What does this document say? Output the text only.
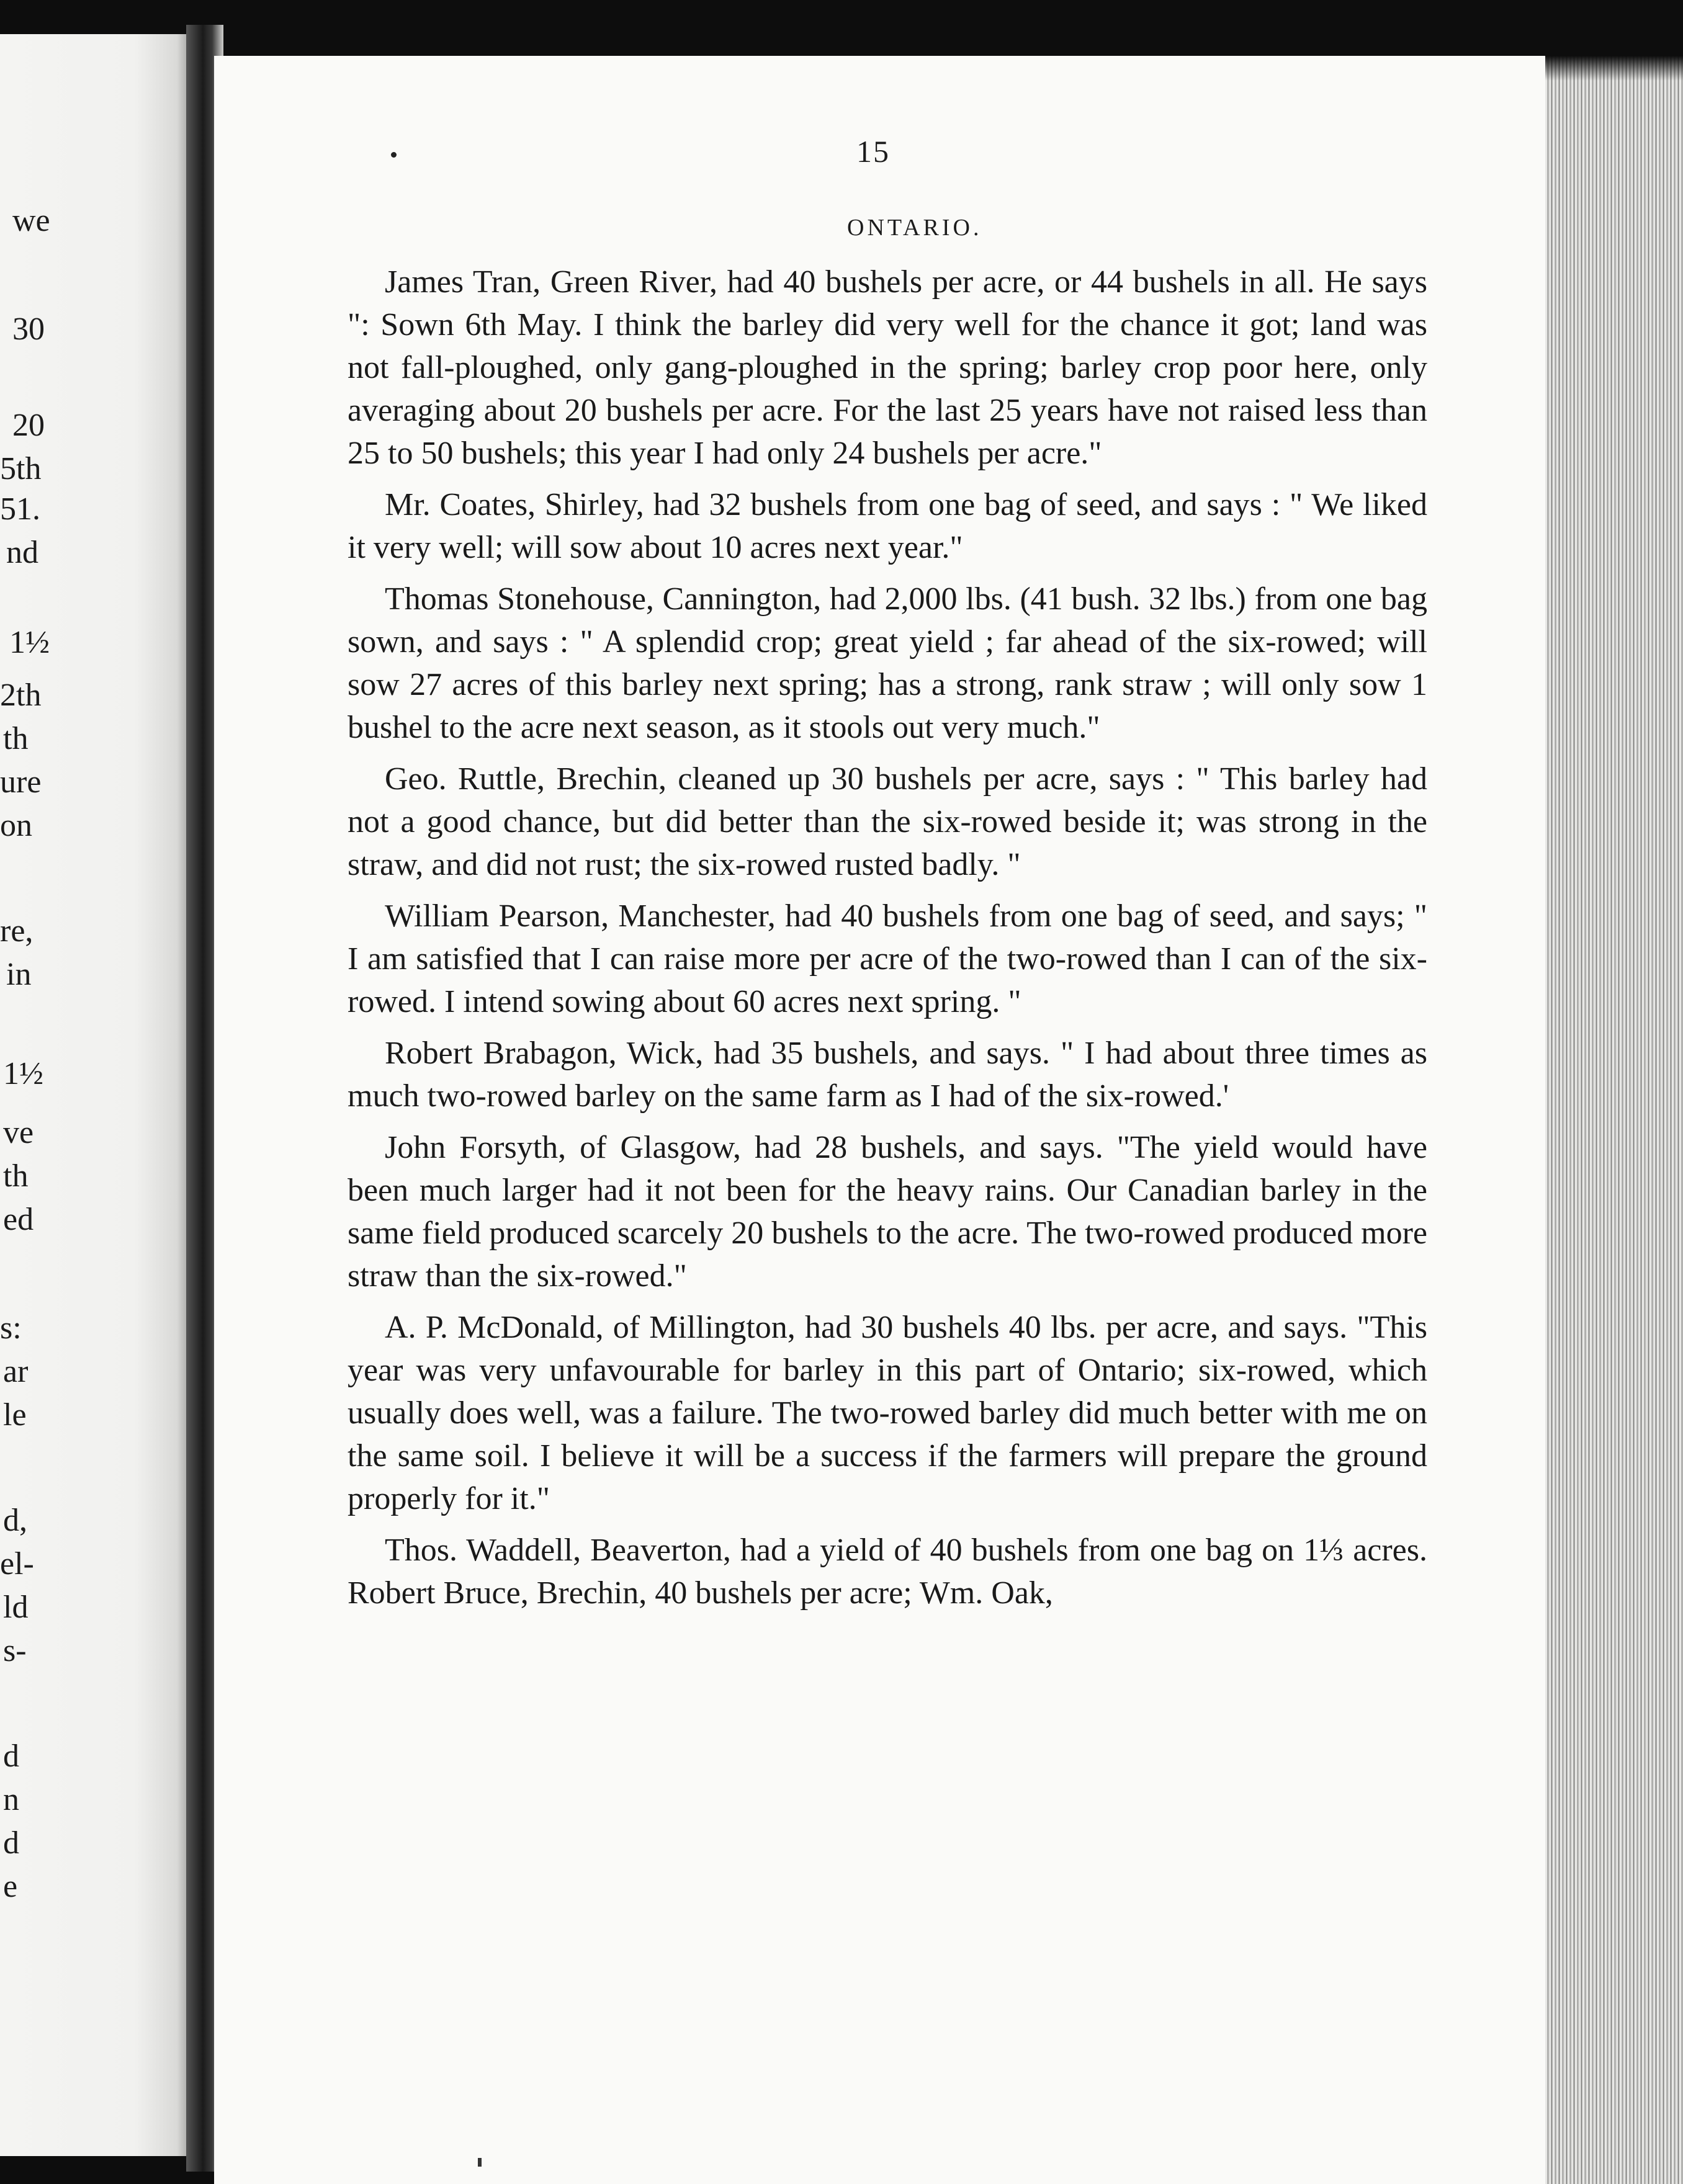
we
30
20
5th
51.
nd
1½
2th
th
ure
on
re,
in
1½
ve
th
ed
s:
ar
le
d,
el-
ld
s-
d
n
d
e
15
ONTARIO.

James Tran, Green River, had 40 bushels per acre, or 44 bushels in all. He says ": Sown 6th May. I think the barley did very well for the chance it got; land was not fall-ploughed, only gang-ploughed in the spring; barley crop poor here, only averaging about 20 bushels per acre. For the last 25 years have not raised less than 25 to 50 bushels; this year I had only 24 bushels per acre."

Mr. Coates, Shirley, had 32 bushels from one bag of seed, and says : " We liked it very well; will sow about 10 acres next year."

Thomas Stonehouse, Cannington, had 2,000 lbs. (41 bush. 32 lbs.) from one bag sown, and says : " A splendid crop; great yield ; far ahead of the six-rowed; will sow 27 acres of this barley next spring; has a strong, rank straw ; will only sow 1 bushel to the acre next season, as it stools out very much."

Geo. Ruttle, Brechin, cleaned up 30 bushels per acre, says : " This barley had not a good chance, but did better than the six-rowed beside it; was strong in the straw, and did not rust; the six-rowed rusted badly. "

William Pearson, Manchester, had 40 bushels from one bag of seed, and says; " I am satisfied that I can raise more per acre of the two-rowed than I can of the six-rowed. I intend sowing about 60 acres next spring. "

Robert Brabagon, Wick, had 35 bushels, and says. " I had about three times as much two-rowed barley on the same farm as I had of the six-rowed.'

John Forsyth, of Glasgow, had 28 bushels, and says. "The yield would have been much larger had it not been for the heavy rains. Our Canadian barley in the same field produced scarcely 20 bushels to the acre. The two-rowed produced more straw than the six-rowed."

A. P. McDonald, of Millington, had 30 bushels 40 lbs. per acre, and says. "This year was very unfavourable for barley in this part of Ontario; six-rowed, which usually does well, was a failure. The two-rowed barley did much better with me on the same soil. I believe it will be a success if the farmers will prepare the ground properly for it."

Thos. Waddell, Beaverton, had a yield of 40 bushels from one bag on 1⅓ acres. Robert Bruce, Brechin, 40 bushels per acre; Wm. Oak,
